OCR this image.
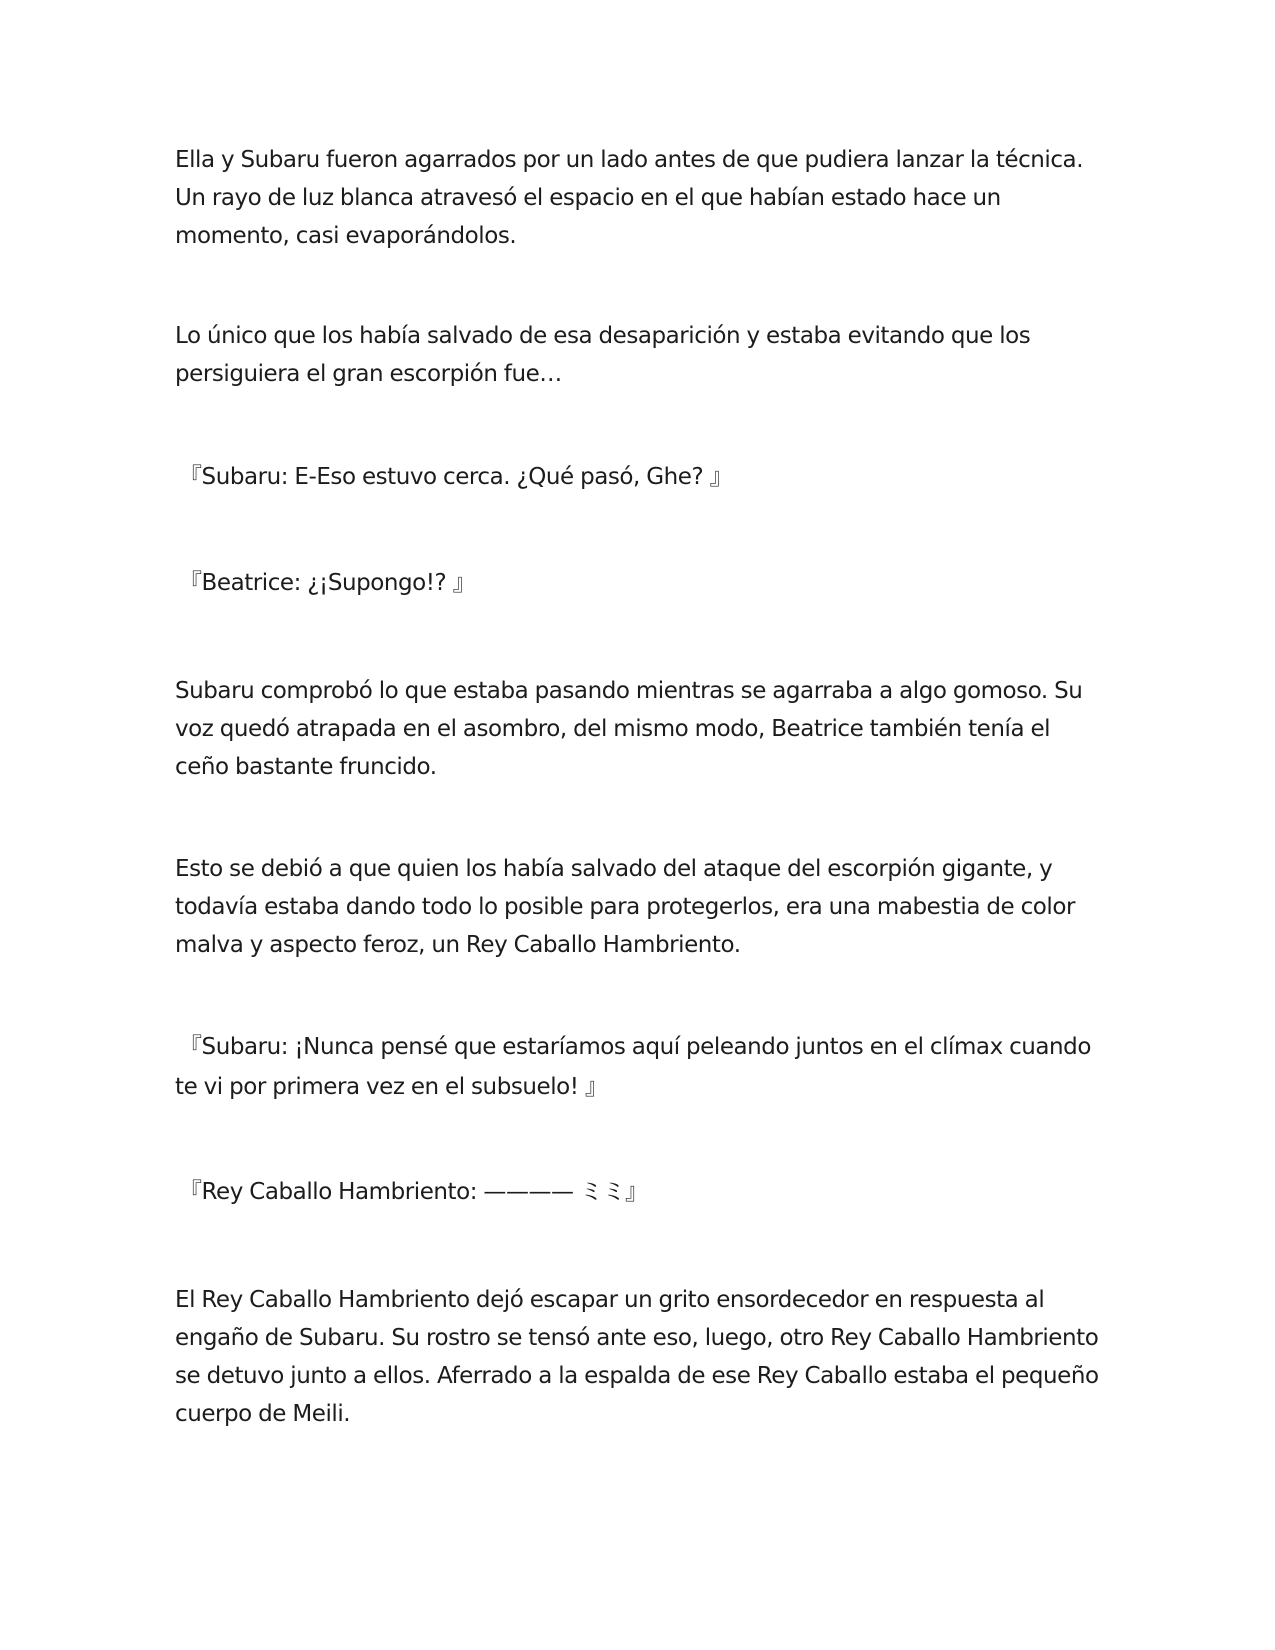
Ella y Subaru fueron agarrados por un lado antes de que pudiera lanzar la técnica. Un rayo de luz blanca atravesó el espacio en el que habían estado hace un momento, casi evaporándolos.

Lo único que los había salvado de esa desaparición y estaba evitando que los persiguiera el gran escorpión fue…

『Subaru: E-Eso estuvo cerca. ¿Qué pasó, Ghe? 』

『Beatrice: ¿¡Supongo!? 』

Subaru comprobó lo que estaba pasando mientras se agarraba a algo gomoso. Su voz quedó atrapada en el asombro, del mismo modo, Beatrice también tenía el ceño bastante fruncido.

Esto se debió a que quien los había salvado del ataque del escorpión gigante, y todavía estaba dando todo lo posible para protegerlos, era una mabestia de color malva y aspecto feroz, un Rey Caballo Hambriento.

『Subaru: ¡Nunca pensé que estaríamos aquí peleando juntos en el clímax cuando te vi por primera vez en el subsuelo! 』

『Rey Caballo Hambriento: ———— ミミ』

El Rey Caballo Hambriento dejó escapar un grito ensordecedor en respuesta al engaño de Subaru. Su rostro se tensó ante eso, luego, otro Rey Caballo Hambriento se detuvo junto a ellos. Aferrado a la espalda de ese Rey Caballo estaba el pequeño cuerpo de Meili.
